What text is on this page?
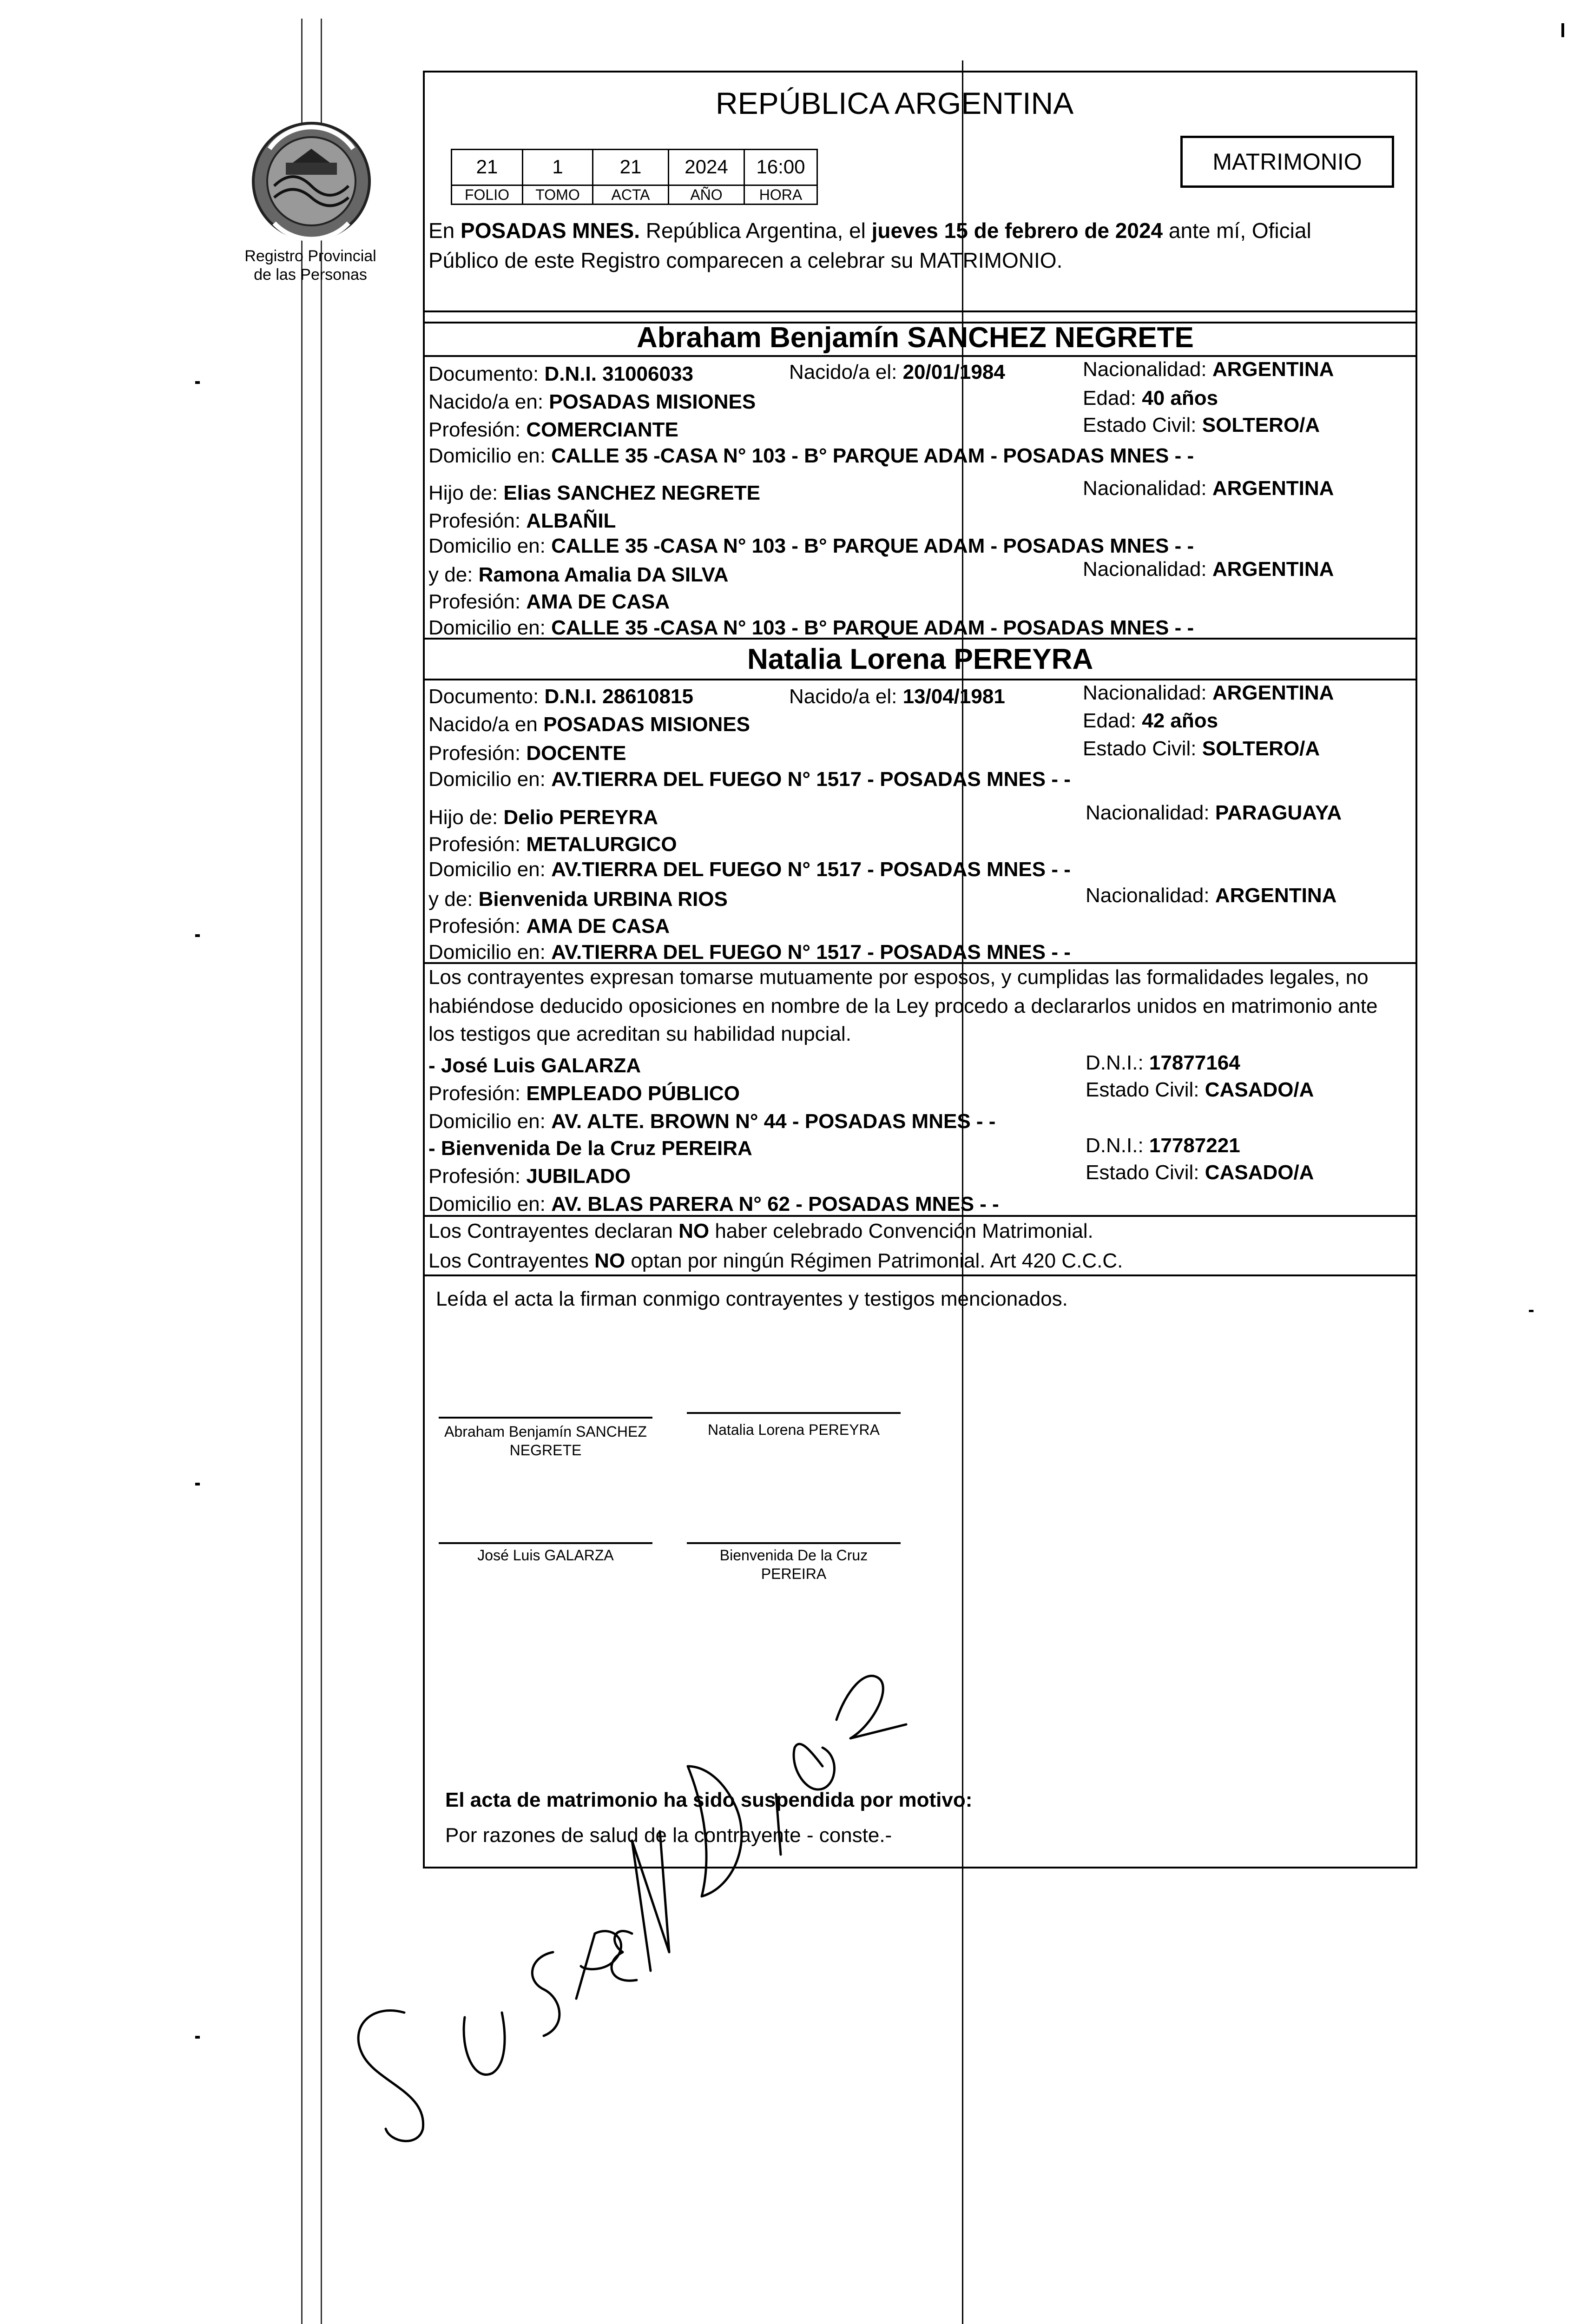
Registro Provincial
de las Personas
REPÚBLICA ARGENTINA
21	1	21	2024	16:00
FOLIO	TOMO	ACTA	AÑO	HORA
MATRIMONIO
En POSADAS MNES. República Argentina, el jueves 15 de febrero de 2024 ante mí, Oficial
Público de este Registro comparecen a celebrar su MATRIMONIO.
Abraham Benjamín SANCHEZ NEGRETE
Documento: D.N.I. 31006033	Nacido/a el: 20/01/1984	Nacionalidad: ARGENTINA
Nacido/a en: POSADAS MISIONES	Edad: 40 años
Profesión: COMERCIANTE	Estado Civil: SOLTERO/A
Domicilio en: CALLE 35 -CASA N° 103 - B° PARQUE ADAM - POSADAS MNES - -
Hijo de: Elias SANCHEZ NEGRETE	Nacionalidad: ARGENTINA
Profesión: ALBAÑIL
Domicilio en: CALLE 35 -CASA N° 103 - B° PARQUE ADAM - POSADAS MNES - -
y de: Ramona Amalia DA SILVA	Nacionalidad: ARGENTINA
Profesión: AMA DE CASA
Domicilio en: CALLE 35 -CASA N° 103 - B° PARQUE ADAM - POSADAS MNES - -
Natalia Lorena PEREYRA
Documento: D.N.I. 28610815	Nacido/a el: 13/04/1981	Nacionalidad: ARGENTINA
Nacido/a en POSADAS MISIONES	Edad: 42 años
Profesión: DOCENTE	Estado Civil: SOLTERO/A
Domicilio en: AV.TIERRA DEL FUEGO N° 1517 - POSADAS MNES - -
Hijo de: Delio PEREYRA	Nacionalidad: PARAGUAYA
Profesión: METALURGICO
Domicilio en: AV.TIERRA DEL FUEGO N° 1517 - POSADAS MNES - -
y de: Bienvenida URBINA RIOS	Nacionalidad: ARGENTINA
Profesión: AMA DE CASA
Domicilio en: AV.TIERRA DEL FUEGO N° 1517 - POSADAS MNES - -
Los contrayentes expresan tomarse mutuamente por esposos, y cumplidas las formalidades legales, no
habiéndose deducido oposiciones en nombre de la Ley procedo a declararlos unidos en matrimonio ante
los testigos que acreditan su habilidad nupcial.
- José Luis GALARZA	D.N.I.: 17877164
Profesión: EMPLEADO PÚBLICO	Estado Civil: CASADO/A
Domicilio en: AV. ALTE. BROWN N° 44 - POSADAS MNES - -
- Bienvenida De la Cruz PEREIRA	D.N.I.: 17787221
Profesión: JUBILADO	Estado Civil: CASADO/A
Domicilio en: AV. BLAS PARERA N° 62 - POSADAS MNES - -
Los Contrayentes declaran NO haber celebrado Convención Matrimonial.
Los Contrayentes NO optan por ningún Régimen Patrimonial. Art 420 C.C.C.
Leída el acta la firman conmigo contrayentes y testigos mencionados.
Abraham Benjamín SANCHEZ NEGRETE
Natalia Lorena PEREYRA
José Luis GALARZA	Bienvenida De la Cruz PEREIRA
El acta de matrimonio ha sido suspendida por motivo:
Por razones de salud de la contrayente - conste.-
